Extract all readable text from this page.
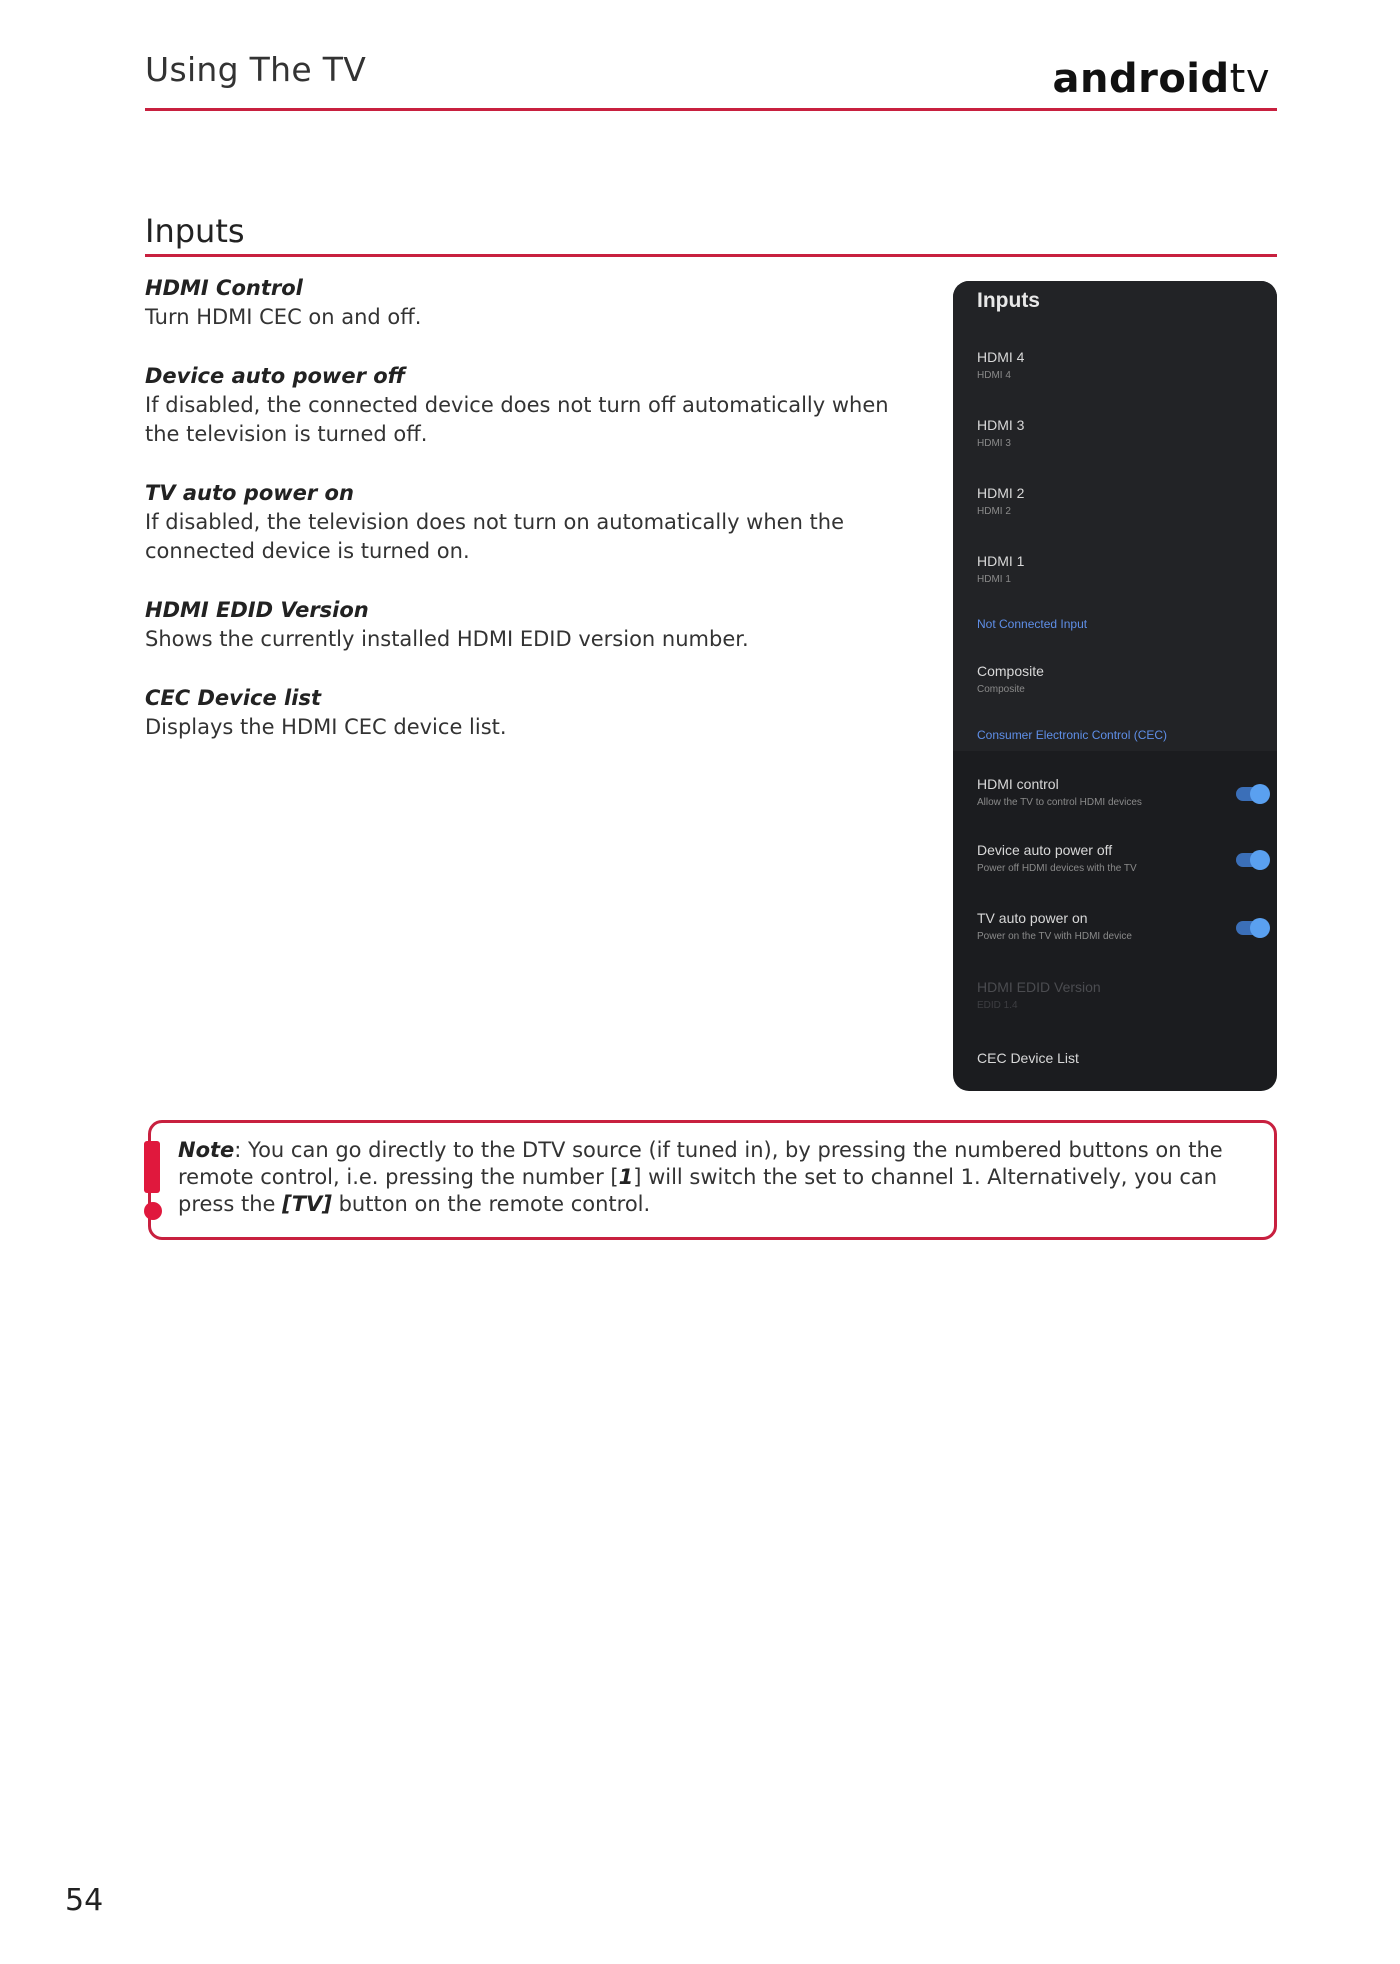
Using The TV	androidtv
Inputs
HDMI Control
Turn HDMI CEC on and off.
Device auto power off
If disabled, the connected device does not turn off automatically when the television is turned off.
TV auto power on
If disabled, the television does not turn on automatically when the connected device is turned on.
HDMI EDID Version
Shows the currently installed HDMI EDID version number.
CEC Device list
Displays the HDMI CEC device list.
Inputs
HDMI 4
HDMI 4
HDMI 3
HDMI 3
HDMI 2
HDMI 2
HDMI 1
HDMI 1
Not Connected Input
Composite
Composite
Consumer Electronic Control (CEC)
HDMI control
Allow the TV to control HDMI devices
Device auto power off
Power off HDMI devices with the TV
TV auto power on
Power on the TV with HDMI device
HDMI EDID Version
EDID 1.4
CEC Device List
Note: You can go directly to the DTV source (if tuned in), by pressing the numbered buttons on the remote control, i.e. pressing the number [1] will switch the set to channel 1. Alternatively, you can press the [TV] button on the remote control.
54
